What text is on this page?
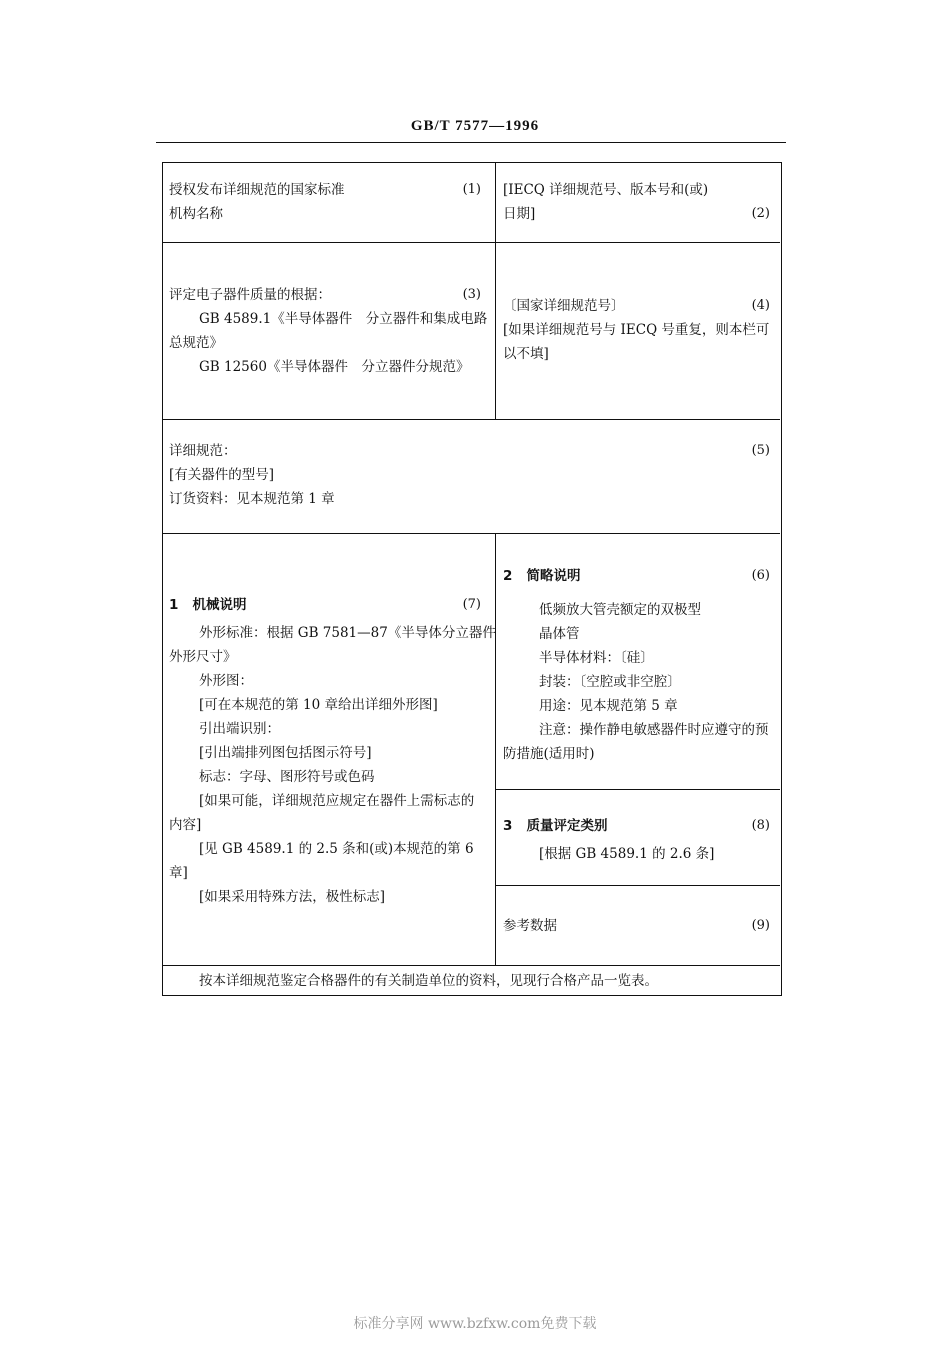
GB/T 7577—1996
(1)
授权发布详细规范的国家标准
机构名称
[IECQ 详细规范号、版本号和(或)
日期]	(2)
(3)
评定电子器件质量的根据：
GB 4589.1《半导体器件　分立器件和集成电路
总规范》
GB 12560《半导体器件　分立器件分规范》
(4)
〔国家详细规范号〕
[如果详细规范号与 IECQ 号重复，则本栏可
以不填]
(5)
详细规范：
[有关器件的型号]
订货资料：见本规范第 1 章
(7)
1 机械说明
外形标准：根据 GB 7581—87《半导体分立器件
外形尺寸》
外形图：
[可在本规范的第 10 章给出详细外形图]
引出端识别：
[引出端排列图包括图示符号]
标志：字母、图形符号或色码
[如果可能，详细规范应规定在器件上需标志的
内容]
[见 GB 4589.1 的 2.5 条和(或)本规范的第 6
章]
[如果采用特殊方法，极性标志]
(6)
2 简略说明
低频放大管壳额定的双极型
晶体管
半导体材料：〔硅〕
封装：〔空腔或非空腔〕
用途：见本规范第 5 章
注意：操作静电敏感器件时应遵守的预
防措施(适用时)
(8)
3 质量评定类别
[根据 GB 4589.1 的 2.6 条]
(9)
参考数据
按本详细规范鉴定合格器件的有关制造单位的资料，见现行合格产品一览表。
标准分享网 www.bzfxw.com免费下载
